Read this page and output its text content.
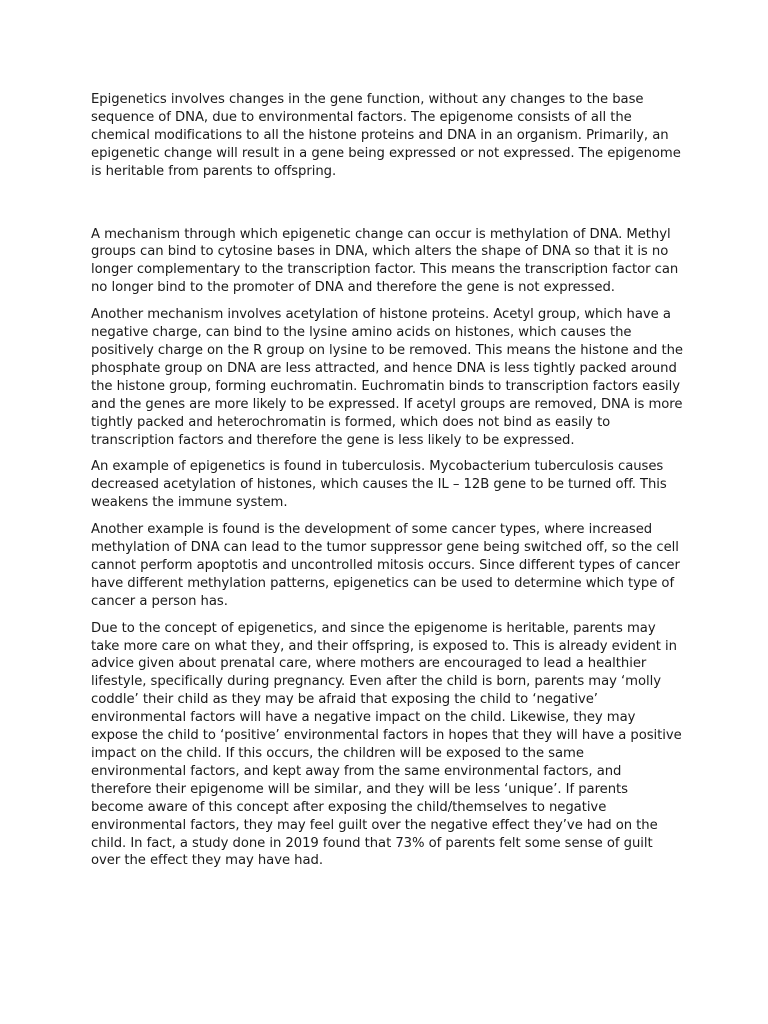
Epigenetics involves changes in the gene function, without any changes to the base sequence of DNA, due to environmental factors. The epigenome consists of all the chemical modifications to all the histone proteins and DNA in an organism. Primarily, an epigenetic change will result in a gene being expressed or not expressed. The epigenome is heritable from parents to offspring.

A mechanism through which epigenetic change can occur is methylation of DNA. Methyl groups can bind to cytosine bases in DNA, which alters the shape of DNA so that it is no longer complementary to the transcription factor. This means the transcription factor can no longer bind to the promoter of DNA and therefore the gene is not expressed.

Another mechanism involves acetylation of histone proteins. Acetyl group, which have a negative charge, can bind to the lysine amino acids on histones, which causes the positively charge on the R group on lysine to be removed. This means the histone and the phosphate group on DNA are less attracted, and hence DNA is less tightly packed around the histone group, forming euchromatin. Euchromatin binds to transcription factors easily and the genes are more likely to be expressed. If acetyl groups are removed, DNA is more tightly packed and heterochromatin is formed, which does not bind as easily to transcription factors and therefore the gene is less likely to be expressed.

An example of epigenetics is found in tuberculosis. Mycobacterium tuberculosis causes decreased acetylation of histones, which causes the IL – 12B gene to be turned off. This weakens the immune system.

Another example is found is the development of some cancer types, where increased methylation of DNA can lead to the tumor suppressor gene being switched off, so the cell cannot perform apoptotis and uncontrolled mitosis occurs. Since different types of cancer have different methylation patterns, epigenetics can be used to determine which type of cancer a person has.

Due to the concept of epigenetics, and since the epigenome is heritable, parents may take more care on what they, and their offspring, is exposed to. This is already evident in advice given about prenatal care, where mothers are encouraged to lead a healthier lifestyle, specifically during pregnancy. Even after the child is born, parents may ‘molly coddle’ their child as they may be afraid that exposing the child to ‘negative’ environmental factors will have a negative impact on the child. Likewise, they may expose the child to ‘positive’ environmental factors in hopes that they will have a positive impact on the child. If this occurs, the children will be exposed to the same environmental factors, and kept away from the same environmental factors, and therefore their epigenome will be similar, and they will be less ‘unique’. If parents become aware of this concept after exposing the child/themselves to negative environmental factors, they may feel guilt over the negative effect they’ve had on the child. In fact, a study done in 2019 found that 73% of parents felt some sense of guilt over the effect they may have had.
